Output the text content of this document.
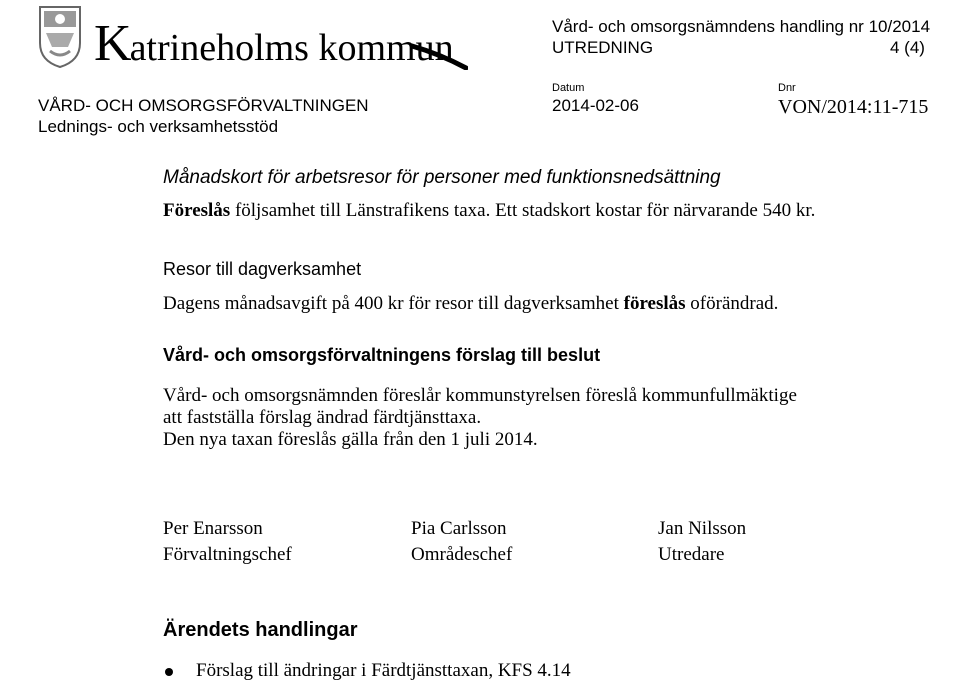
Katrineholms kommun
Vård- och omsorgsnämndens handling nr 10/2014
UTREDNING	4 (4)
Datum
2014-02-06
Dnr
VON/2014:11-715
VÅRD- OCH OMSORGSFÖRVALTNINGEN
Lednings- och verksamhetsstöd
Månadskort för arbetsresor för personer med funktionsnedsättning
Föreslås följsamhet till Länstrafikens taxa. Ett stadskort kostar för närvarande 540 kr.
Resor till dagverksamhet
Dagens månadsavgift på 400 kr för resor till dagverksamhet föreslås oförändrad.
Vård- och omsorgsförvaltningens förslag till beslut
Vård- och omsorgsnämnden föreslår kommunstyrelsen föreslå kommunfullmäktige
att fastställa förslag ändrad färdtjänsttaxa.
Den nya taxan föreslås gälla från den 1 juli 2014.
Per Enarsson
Förvaltningschef
Pia Carlsson
Områdeschef
Jan Nilsson
Utredare
Ärendets handlingar
Förslag till ändringar i Färdtjänsttaxan, KFS 4.14
